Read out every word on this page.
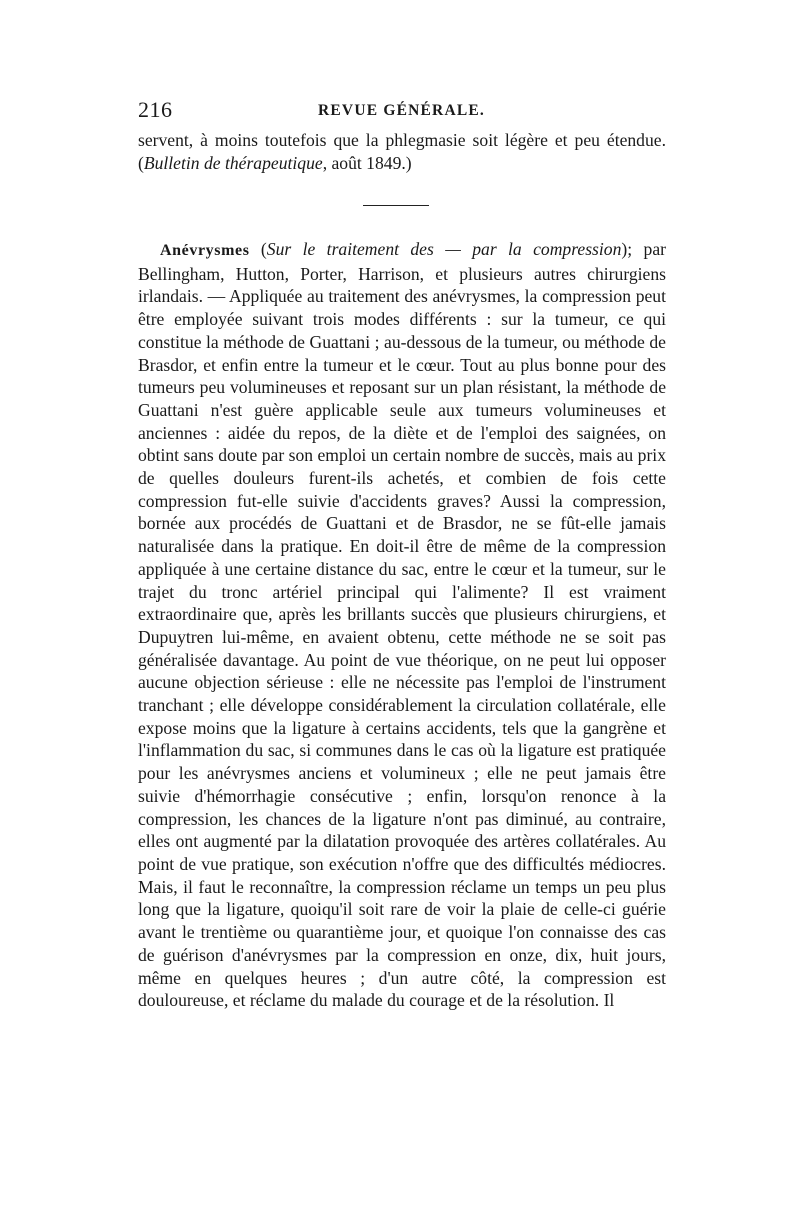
216	REVUE GÉNÉRALE.

servent, à moins toutefois que la phlegmasie soit légère et peu étendue. (Bulletin de thérapeutique, août 1849.)

Anévrysmes (Sur le traitement des — par la compression); par Bellingham, Hutton, Porter, Harrison, et plusieurs autres chirurgiens irlandais. — Appliquée au traitement des anévrysmes, la compression peut être employée suivant trois modes différents : sur la tumeur, ce qui constitue la méthode de Guattani ; au-dessous de la tumeur, ou méthode de Brasdor, et enfin entre la tumeur et le cœur. Tout au plus bonne pour des tumeurs peu volumineuses et reposant sur un plan résistant, la méthode de Guattani n'est guère applicable seule aux tumeurs volumineuses et anciennes : aidée du repos, de la diète et de l'emploi des saignées, on obtint sans doute par son emploi un certain nombre de succès, mais au prix de quelles douleurs furent-ils achetés, et combien de fois cette compression fut-elle suivie d'accidents graves? Aussi la compression, bornée aux procédés de Guattani et de Brasdor, ne se fût-elle jamais naturalisée dans la pratique. En doit-il être de même de la compression appliquée à une certaine distance du sac, entre le cœur et la tumeur, sur le trajet du tronc artériel principal qui l'alimente? Il est vraiment extraordinaire que, après les brillants succès que plusieurs chirurgiens, et Dupuytren lui-même, en avaient obtenu, cette méthode ne se soit pas généralisée davantage. Au point de vue théorique, on ne peut lui opposer aucune objection sérieuse : elle ne nécessite pas l'emploi de l'instrument tranchant ; elle développe considérablement la circulation collatérale, elle expose moins que la ligature à certains accidents, tels que la gangrène et l'inflammation du sac, si communes dans le cas où la ligature est pratiquée pour les anévrysmes anciens et volumineux ; elle ne peut jamais être suivie d'hémorrhagie consécutive ; enfin, lorsqu'on renonce à la compression, les chances de la ligature n'ont pas diminué, au contraire, elles ont augmenté par la dilatation provoquée des artères collatérales. Au point de vue pratique, son exécution n'offre que des difficultés médiocres. Mais, il faut le reconnaître, la compression réclame un temps un peu plus long que la ligature, quoiqu'il soit rare de voir la plaie de celle-ci guérie avant le trentième ou quarantième jour, et quoique l'on connaisse des cas de guérison d'anévrysmes par la compression en onze, dix, huit jours, même en quelques heures ; d'un autre côté, la compression est douloureuse, et réclame du malade du courage et de la résolution. Il
